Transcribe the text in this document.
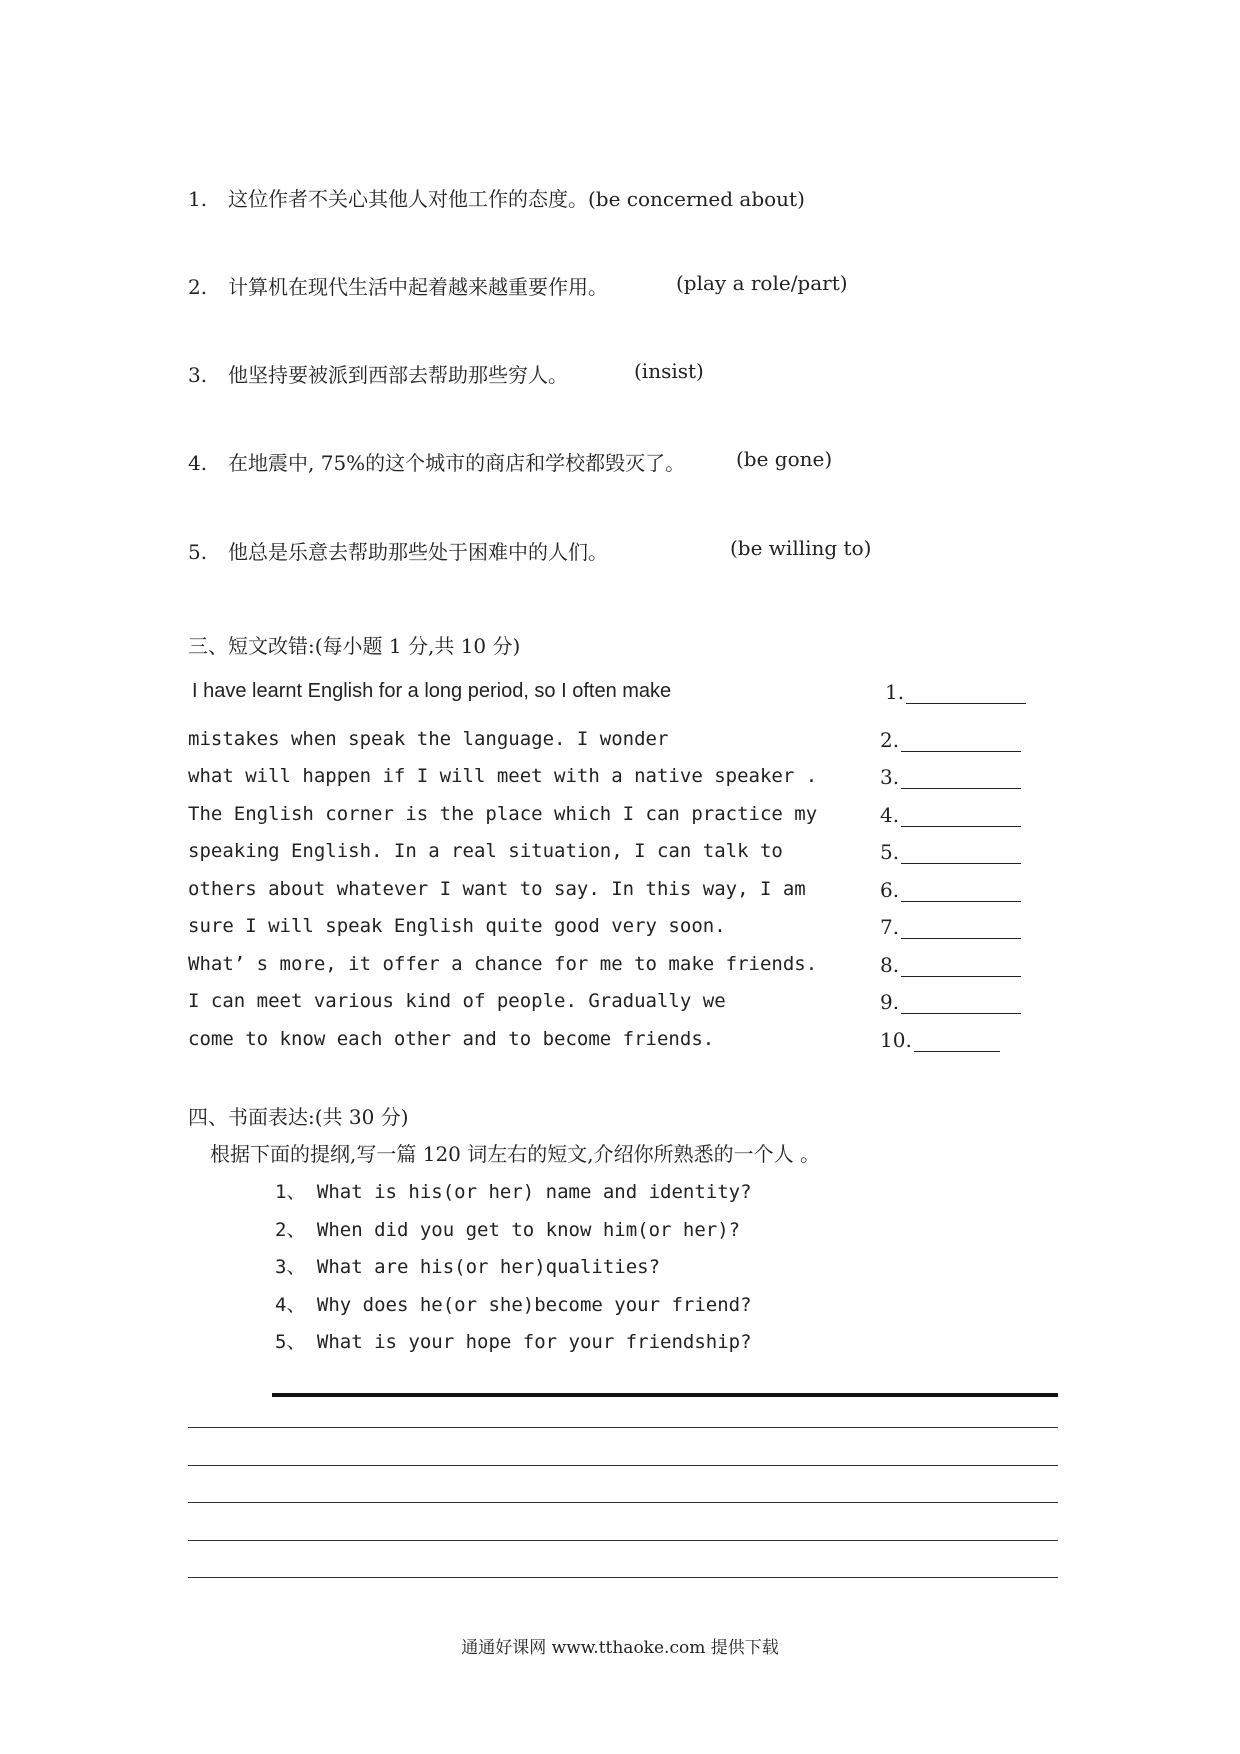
1. 这位作者不关心其他人对他工作的态度。(be concerned about)
2. 计算机在现代生活中起着越来越重要作用。	(play a role/part)
3. 他坚持要被派到西部去帮助那些穷人。	(insist)
4. 在地震中, 75%的这个城市的商店和学校都毁灭了。	(be gone)
5. 他总是乐意去帮助那些处于困难中的人们。	(be willing to)
三、短文改错:(每小题 1 分,共 10 分)
I have learnt English for a long period, so I often make
mistakes when speak the language. I wonder
what will happen if I will meet with a native speaker .
The English corner is the place which I can practice my
speaking English. In a real situation, I can talk to
others about whatever I want to say. In this way, I am
sure I will speak English quite good very soon.
What’ s more, it offer a chance for me to make friends.
I can meet various kind of people. Gradually we
come to know each other and to become friends.
1.
2.
3.
4.
5.
6.
7.
8.
9.
10.
四、书面表达:(共 30 分)
根据下面的提纲,写一篇 120 词左右的短文,介绍你所熟悉的一个人 。
1、 What is his(or her) name and identity?
2、 When did you get to know him(or her)?
3、 What are his(or her)qualities?
4、 Why does he(or she)become your friend?
5、 What is your hope for your friendship?
通通好课网 www.tthaoke.com 提供下载
